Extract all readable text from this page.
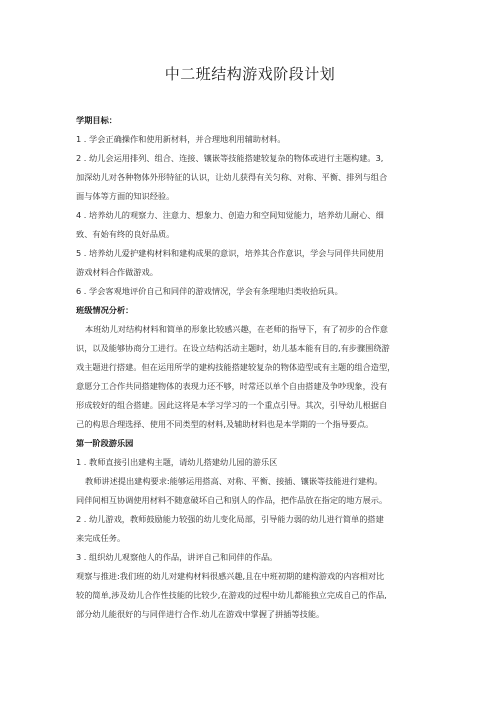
中二班结构游戏阶段计划
学期目标：
1 . 学会正确操作和使用新材料，并合理地利用辅助材料。
2 . 幼儿会运用排列、组合、连接、镶嵌等技能搭建较复杂的物体或进行主题构建。3,
加深幼儿对各种物体外形特征的认识，让幼儿获得有关匀称、对称、平衡、排列与组合
面与体等方面的知识经验。
4 . 培养幼儿的观察力、注意力、想象力、创造力和空间知觉能力，培养幼儿耐心、细
致、有始有终的良好品质。
5 . 培养幼儿爱护建构材料和建构成果的意识，培养其合作意识，学会与同伴共同使用
游戏材料合作做游戏。
6 . 学会客观地评价自己和同伴的游戏情况，学会有条理地归类收拾玩具。
班级情况分析：
本班幼儿对结构材料和简单的形象比较感兴趣，在老师的指导下，有了初步的合作意
识，以及能够协商分工进行。在设立结构活动主题时，幼儿基本能有目的,有步骤围绕游
戏主题进行搭建。但在运用所学的建构技能搭建较复杂的物体造型或有主题的组合造型，
意愿分工合作共同搭建物体的表现力还不够，时常还以单个自由搭建及争吵现象，没有
形成较好的组合搭建。因此这将是本学习学习的一个重点引导。其次，引导幼儿根据自
己的构思合理选择、使用不同类型的材料,及辅助材料也是本学期的一个指导要点。
第一阶段游乐园
1 . 教师直接引出建构主题，请幼儿搭建幼儿园的游乐区
教师讲述提出建构要求:能够运用搭高、对称、平衡、接插、镶嵌等技能进行建构。
同伴间相互协调使用材料不随意破坏自己和别人的作品，把作品放在指定的地方展示。
2 . 幼儿游戏，教师鼓励能力较强的幼儿变化局部，引导能力弱的幼儿进行简单的搭建
来完成任务。
3 . 组织幼儿观察他人的作品，讲评自己和同伴的作品。
观察与推进:我们班的幼儿对建构材料很感兴趣,且在中班初期的建构游戏的内容相对比
较的简单,涉及幼儿合作性技能的比较少,在游戏的过程中幼儿都能独立完成自己的作品,
部分幼儿能很好的与同伴进行合作.幼儿在游戏中掌握了拼插等技能。
